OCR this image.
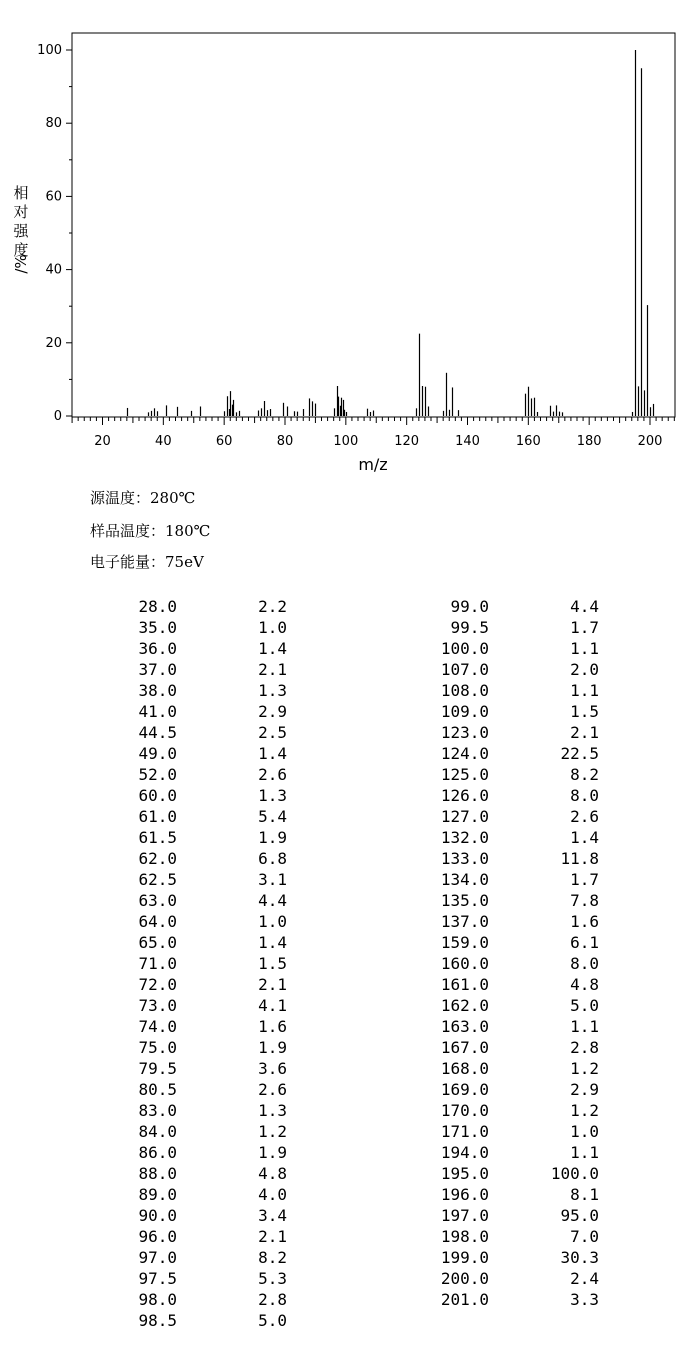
0
20
40
60
80
100
20	40	60	80	100	120	140	160	180	200
m/z
相
对
强
度
/%
源温度：280℃
样品温度：180℃
电子能量：75eV
28.0	2.2
35.0	1.0
36.0	1.4
37.0	2.1
38.0	1.3
41.0	2.9
44.5	2.5
49.0	1.4
52.0	2.6
60.0	1.3
61.0	5.4
61.5	1.9
62.0	6.8
62.5	3.1
63.0	4.4
64.0	1.0
65.0	1.4
71.0	1.5
72.0	2.1
73.0	4.1
74.0	1.6
75.0	1.9
79.5	3.6
80.5	2.6
83.0	1.3
84.0	1.2
86.0	1.9
88.0	4.8
89.0	4.0
90.0	3.4
96.0	2.1
97.0	8.2
97.5	5.3
98.0	2.8
98.5	5.0
99.0	4.4
99.5	1.7
100.0	1.1
107.0	2.0
108.0	1.1
109.0	1.5
123.0	2.1
124.0	22.5
125.0	8.2
126.0	8.0
127.0	2.6
132.0	1.4
133.0	11.8
134.0	1.7
135.0	7.8
137.0	1.6
159.0	6.1
160.0	8.0
161.0	4.8
162.0	5.0
163.0	1.1
167.0	2.8
168.0	1.2
169.0	2.9
170.0	1.2
171.0	1.0
194.0	1.1
195.0	100.0
196.0	8.1
197.0	95.0
198.0	7.0
199.0	30.3
200.0	2.4
201.0	3.3
